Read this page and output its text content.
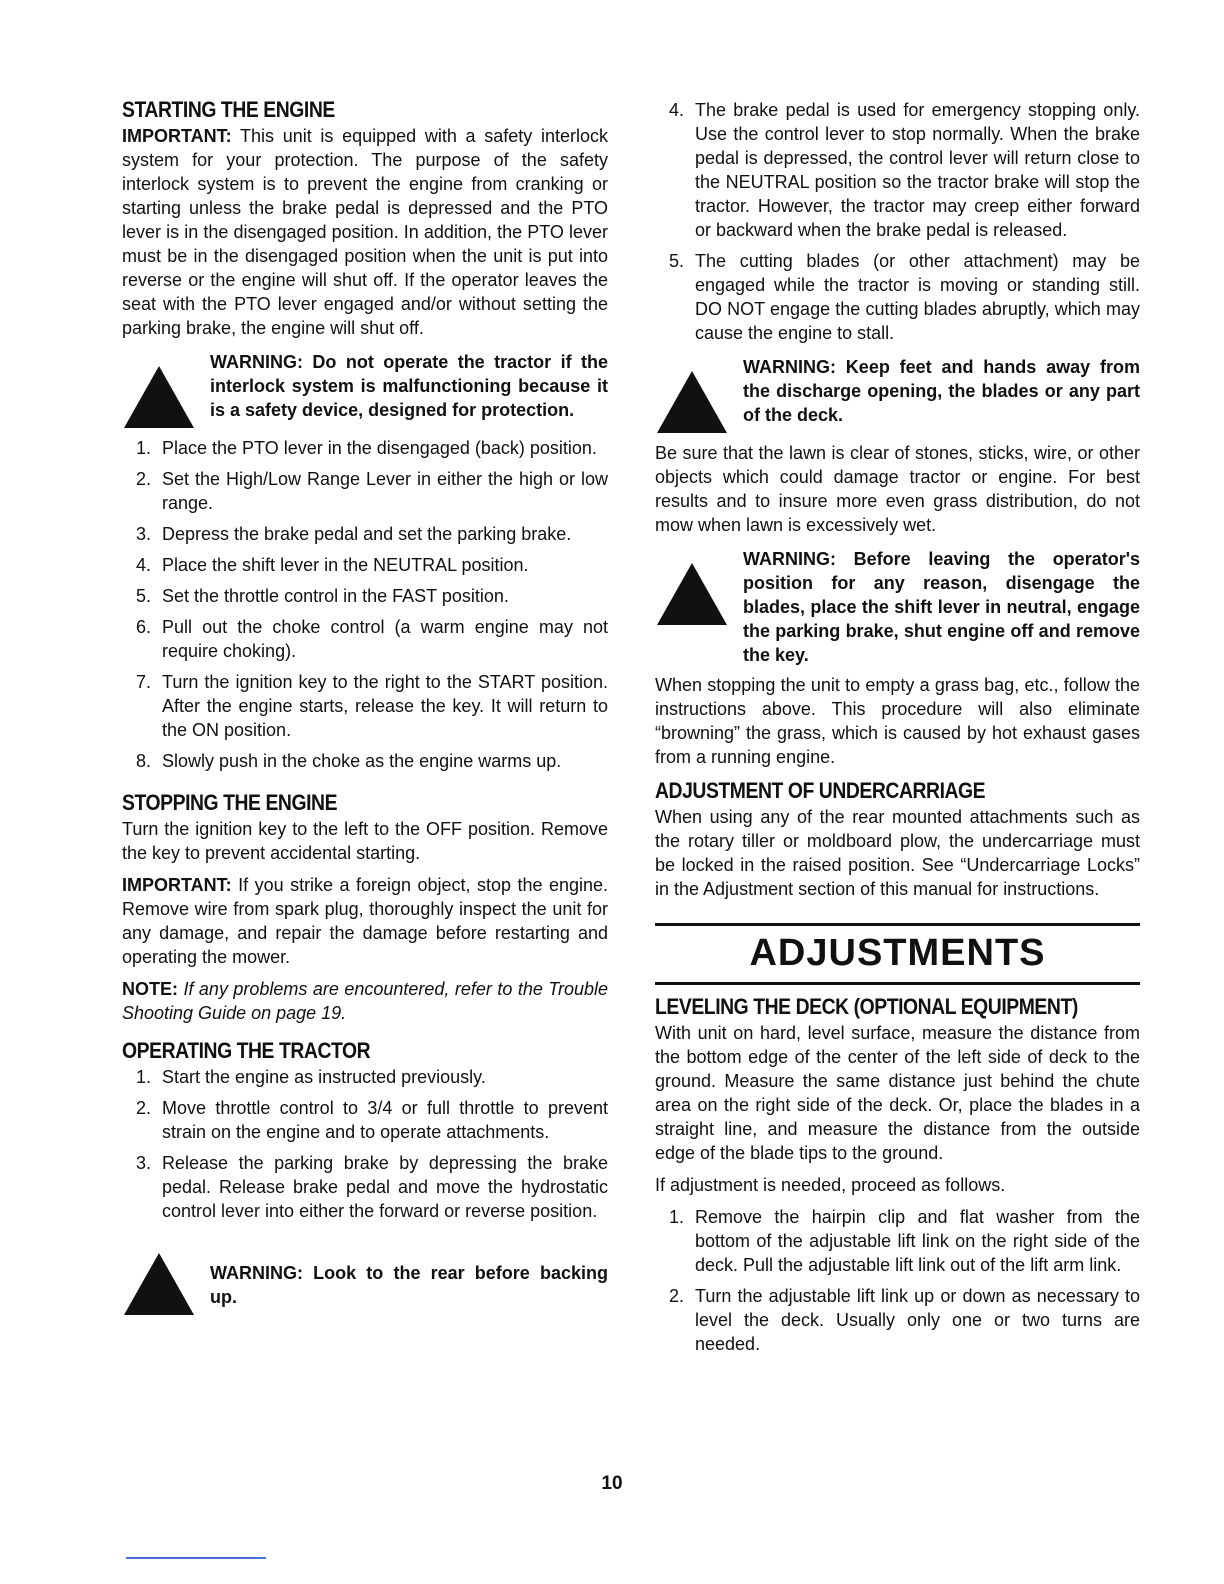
STARTING THE ENGINE

IMPORTANT: This unit is equipped with a safety interlock system for your protection. The purpose of the safety interlock system is to prevent the engine from cranking or starting unless the brake pedal is depressed and the PTO lever is in the disengaged position. In addition, the PTO lever must be in the disengaged position when the unit is put into reverse or the engine will shut off. If the operator leaves the seat with the PTO lever engaged and/or without setting the parking brake, the engine will shut off.

WARNING: Do not operate the tractor if the interlock system is malfunctioning because it is a safety device, designed for protection.
1. Place the PTO lever in the disengaged (back) position.
2. Set the High/Low Range Lever in either the high or low range.
3. Depress the brake pedal and set the parking brake.
4. Place the shift lever in the NEUTRAL position.
5. Set the throttle control in the FAST position.
6. Pull out the choke control (a warm engine may not require choking).
7. Turn the ignition key to the right to the START position. After the engine starts, release the key. It will return to the ON position.
8. Slowly push in the choke as the engine warms up.
STOPPING THE ENGINE

Turn the ignition key to the left to the OFF position. Remove the key to prevent accidental starting.

IMPORTANT: If you strike a foreign object, stop the engine. Remove wire from spark plug, thoroughly inspect the unit for any damage, and repair the damage before restarting and operating the mower.

NOTE: If any problems are encountered, refer to the Trouble Shooting Guide on page 19.

OPERATING THE TRACTOR
1. Start the engine as instructed previously.
2. Move throttle control to 3/4 or full throttle to prevent strain on the engine and to operate attachments.
3. Release the parking brake by depressing the brake pedal. Release brake pedal and move the hydrostatic control lever into either the forward or reverse position.
WARNING: Look to the rear before backing up.
4. The brake pedal is used for emergency stopping only. Use the control lever to stop normally. When the brake pedal is depressed, the control lever will return close to the NEUTRAL position so the tractor brake will stop the tractor. However, the tractor may creep either forward or backward when the brake pedal is released.
5. The cutting blades (or other attachment) may be engaged while the tractor is moving or standing still. DO NOT engage the cutting blades abruptly, which may cause the engine to stall.
WARNING: Keep feet and hands away from the discharge opening, the blades or any part of the deck.

Be sure that the lawn is clear of stones, sticks, wire, or other objects which could damage tractor or engine. For best results and to insure more even grass distribution, do not mow when lawn is excessively wet.

WARNING: Before leaving the operator's position for any reason, disengage the blades, place the shift lever in neutral, engage the parking brake, shut engine off and remove the key.

When stopping the unit to empty a grass bag, etc., follow the instructions above. This procedure will also eliminate “browning” the grass, which is caused by hot exhaust gases from a running engine.

ADJUSTMENT OF UNDERCARRIAGE

When using any of the rear mounted attachments such as the rotary tiller or moldboard plow, the undercarriage must be locked in the raised position. See “Undercarriage Locks” in the Adjustment section of this manual for instructions.

ADJUSTMENTS
LEVELING THE DECK (OPTIONAL EQUIPMENT)

With unit on hard, level surface, measure the distance from the bottom edge of the center of the left side of deck to the ground. Measure the same distance just behind the chute area on the right side of the deck. Or, place the blades in a straight line, and measure the distance from the outside edge of the blade tips to the ground.

If adjustment is needed, proceed as follows.

1. Remove the hairpin clip and flat washer from the bottom of the adjustable lift link on the right side of the deck. Pull the adjustable lift link out of the lift arm link.
2. Turn the adjustable lift link up or down as necessary to level the deck. Usually only one or two turns are needed.
10
